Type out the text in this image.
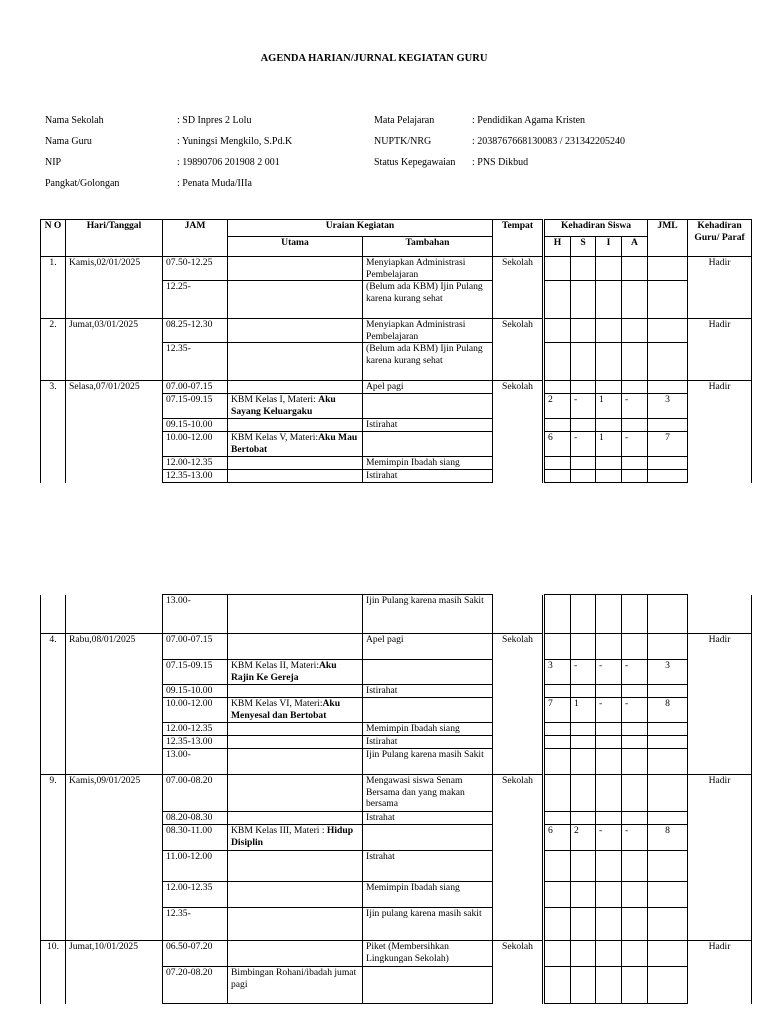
AGENDA HARIAN/JURNAL KEGIATAN GURU
Nama Sekolah	: SD Inpres 2 Lolu
Nama Guru	: Yuningsi Mengkilo, S.Pd.K
NIP	: 19890706 201908 2 001
Pangkat/Golongan	: Penata Muda/IIIa
Mata Pelajaran	: Pendidikan Agama Kristen
NUPTK/NRG	: 2038767668130083 / 231342205240
Status Kepegawaian : PNS Dikbud
N O	Hari/Tanggal	JAM	Uraian Kegiatan		Tempat		Kehadiran Siswa				JML	Kehadiran Guru/ Paraf
			Utama	Tambahan			H	S	I	A		
1.	Kamis,02/01/2025	07.50-12.25		Menyiapkan Administrasi Pembelajaran	Sekolah							Hadir
		12.25-		(Belum ada KBM) Ijin Pulang karena kurang sehat								
2.	Jumat,03/01/2025	08.25-12.30		Menyiapkan Administrasi Pembelajaran	Sekolah							Hadir
		12.35-		(Belum ada KBM) Ijin Pulang karena kurang sehat								
3.	Selasa,07/01/2025	07.00-07.15		Apel pagi	Sekolah							Hadir
		07.15-09.15	KBM Kelas I, Materi: Aku Sayang Keluargaku				2	-	1	-	3	
		09.15-10.00		Istirahat								
		10.00-12.00	KBM Kelas V, Materi:Aku Mau Bertobat				6	-	1	-	7	
		12.00-12.35		Memimpin Ibadah siang								
		12.35-13.00		Istirahat								
		13.00-		Ijin Pulang karena masih Sakit								
4.	Rabu,08/01/2025	07.00-07.15		Apel pagi	Sekolah							Hadir
		07.15-09.15	KBM Kelas II, Materi:Aku Rajin Ke Gereja				3	-	-	-	3	
		09.15-10.00		Istirahat								
		10.00-12.00	KBM Kelas VI, Materi:Aku Menyesal dan Bertobat				7	1	-	-	8	
		12.00-12.35		Memimpin Ibadah siang								
		12.35-13.00		Istirahat								
		13.00-		Ijin Pulang karena masih Sakit								
9.	Kamis,09/01/2025	07.00-08.20		Mengawasi siswa Senam Bersama dan yang makan bersama	Sekolah							Hadir
		08.20-08.30		Istrahat								
		08.30-11.00	KBM Kelas III, Materi : Hidup Disiplin				6	2	-	-	8	
		11.00-12.00		Istrahat								
		12.00-12.35		Memimpin Ibadah siang								
		12.35-		Ijin pulang karena masih sakit								
10.	Jumat,10/01/2025	06.50-07.20		Piket (Membersihkan Lingkungan Sekolah)	Sekolah							Hadir
		07.20-08.20	Bimbingan Rohani/ibadah jumat pagi									
